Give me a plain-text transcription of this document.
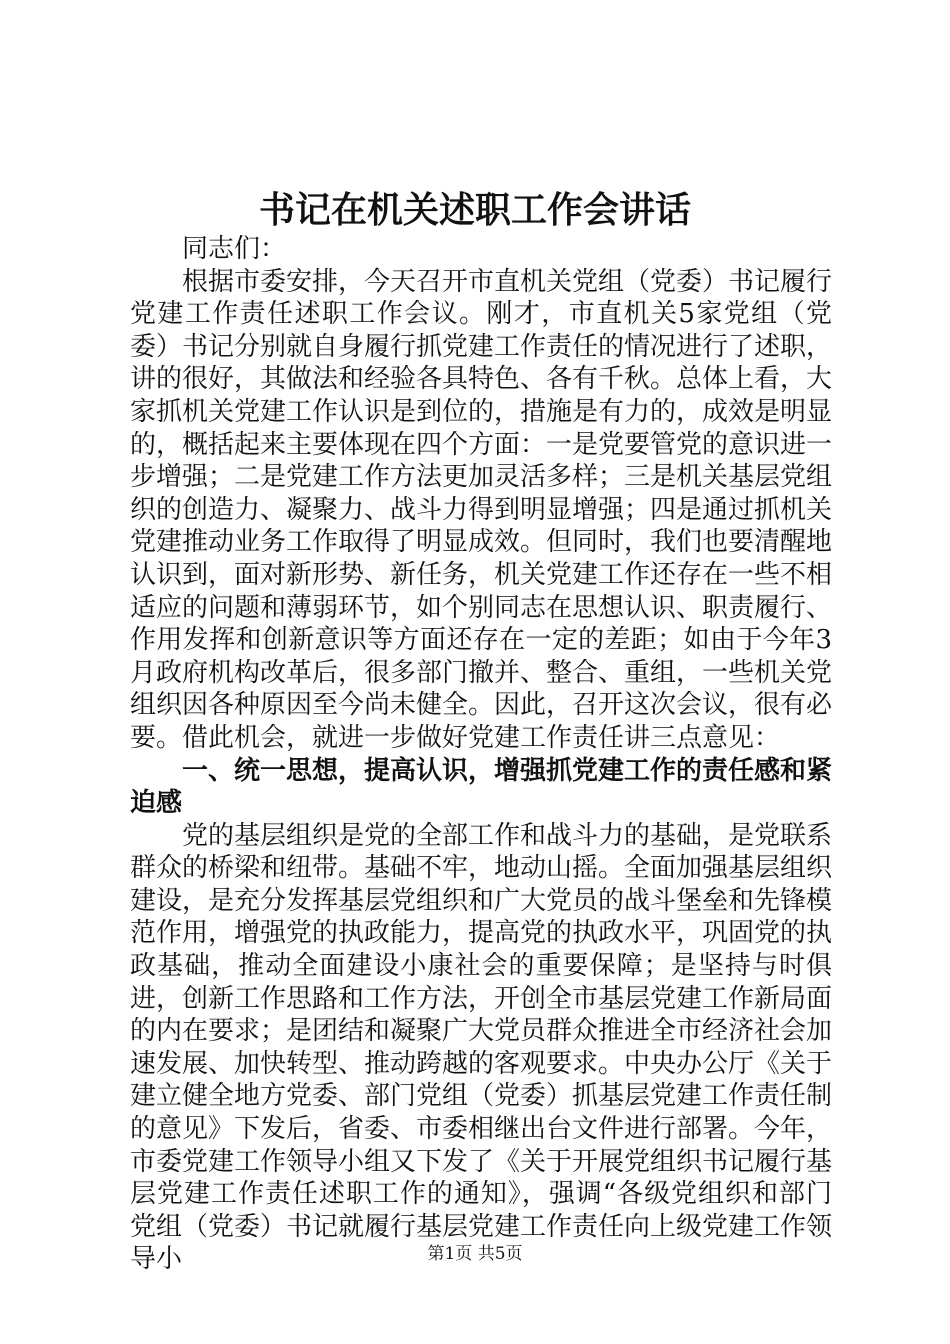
书记在机关述职工作会讲话

同志们：

根据市委安排，今天召开市直机关党组（党委）书记履行党建工作责任述职工作会议。刚才，市直机关5家党组（党委）书记分别就自身履行抓党建工作责任的情况进行了述职，讲的很好，其做法和经验各具特色、各有千秋。总体上看，大家抓机关党建工作认识是到位的，措施是有力的，成效是明显的，概括起来主要体现在四个方面：一是党要管党的意识进一步增强；二是党建工作方法更加灵活多样；三是机关基层党组织的创造力、凝聚力、战斗力得到明显增强；四是通过抓机关党建推动业务工作取得了明显成效。但同时，我们也要清醒地认识到，面对新形势、新任务，机关党建工作还存在一些不相适应的问题和薄弱环节，如个别同志在思想认识、职责履行、作用发挥和创新意识等方面还存在一定的差距；如由于今年3月政府机构改革后，很多部门撤并、整合、重组，一些机关党组织因各种原因至今尚未健全。因此，召开这次会议，很有必要。借此机会，就进一步做好党建工作责任讲三点意见：

一、统一思想，提高认识，增强抓党建工作的责任感和紧迫感

党的基层组织是党的全部工作和战斗力的基础，是党联系群众的桥梁和纽带。基础不牢，地动山摇。全面加强基层组织建设，是充分发挥基层党组织和广大党员的战斗堡垒和先锋模范作用，增强党的执政能力，提高党的执政水平，巩固党的执政基础，推动全面建设小康社会的重要保障；是坚持与时俱进，创新工作思路和工作方法，开创全市基层党建工作新局面的内在要求；是团结和凝聚广大党员群众推进全市经济社会加速发展、加快转型、推动跨越的客观要求。中央办公厅《关于建立健全地方党委、部门党组（党委）抓基层党建工作责任制的意见》下发后，省委、市委相继出台文件进行部署。今年，市委党建工作领导小组又下发了《关于开展党组织书记履行基层党建工作责任述职工作的通知》，强调“各级党组织和部门党组（党委）书记就履行基层党建工作责任向上级党建工作领导小	第1页 共5页
